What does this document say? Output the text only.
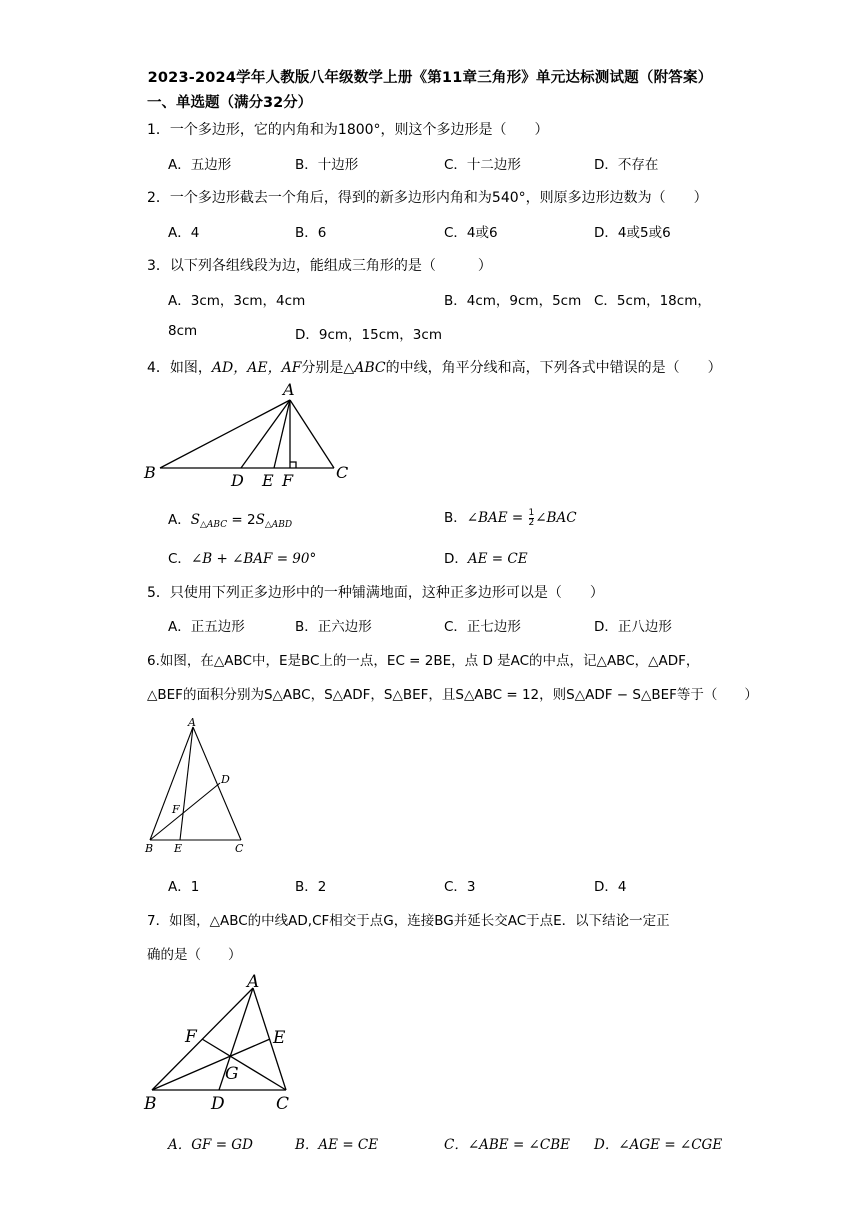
2023-2024学年人教版八年级数学上册《第11章三角形》单元达标测试题（附答案）
一、单选题（满分32分）
1．一个多边形，它的内角和为1800°，则这个多边形是（　　）
A．五边形	B．十边形	C．十二边形	D．不存在
2．一个多边形截去一个角后，得到的新多边形内角和为540°，则原多边形边数为（　　）
A．4	B．6	C．4或6	D．4或5或6
3．以下列各组线段为边，能组成三角形的是（　　　）
A．3cm，3cm，4cm	B．4cm，9cm，5cm C．5cm，18cm，
8cm	D．9cm，15cm，3cm
4．如图，AD，AE，AF分别是△ABC的中线，角平分线和高，下列各式中错误的是（　　）
A
B	D E F	C
A．$S_{\triangle ABC} = 2S_{\triangle ABD}$	B．∠BAE = $\frac{1}{2}$ ∠BAC
C．∠B + ∠BAF = 90°	D．AE = CE
5．只使用下列正多边形中的一种铺满地面，这种正多边形可以是（　　）
A．正五边形	B．正六边形	C．正七边形	D．正八边形
6.如图，在△ABC中，E是BC上的一点，EC = 2BE，点 D 是AC的中点，记△ABC，△ADF，
△BEF的面积分别为S△ABC，S△ADF，S△BEF，且S△ABC = 12，则S△ADF − S△BEF等于（　　）
A
D
F
B E	C
A．1	B．2	C．3	D．4
7．如图，△ABC的中线AD,CF相交于点G，连接BG并延长交AC于点E．以下结论一定正
确的是（　　）
A
F	E
G
B	D	C
A．GF = GD	B．AE = CE	C．∠ABE = ∠CBE D．∠AGE = ∠CGE
